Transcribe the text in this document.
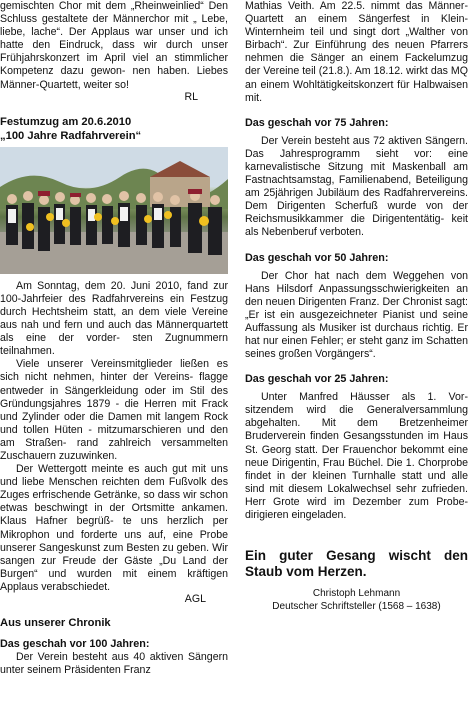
gemischten Chor mit dem „Rheinweinlied“ Den Schluss gestaltete der Männerchor mit „ Lebe, liebe, lache“. Der Applaus war unser und ich hatte den Eindruck, dass wir durch unser Frühjahrskonzert im April viel an stimmlicher Kompetenz dazu gewon- nen haben. Liebes Männer-Quartett, weiter so!

RL

Festumzug am 20.6.2010
„100 Jahre Radfahrverein“

Am Sonntag, dem 20. Juni 2010, fand zur 100-Jahrfeier des Radfahrvereins ein Festzug durch Hechtsheim statt, an dem viele Vereine aus nah und fern und auch das Männerquartett als eine der vorder- sten Zugnummern teilnahmen.

Viele unserer Vereinsmitglieder ließen es sich nicht nehmen, hinter der Vereins- flagge entweder in Sängerkleidung oder im Stil des Gründungsjahres 1879 - die Herren mit Frack und Zylinder oder die Damen mit langem Rock und tollen Hüten - mitzumarschieren und den am Straßen- rand zahlreich versammelten Zuschauern zuzuwinken.

Der Wettergott meinte es auch gut mit uns und liebe Menschen reichten dem Fußvolk des Zuges erfrischende Getränke, so dass wir schon etwas beschwingt in der Ortsmitte ankamen. Klaus Hafner begrüß- te uns herzlich per Mikrophon und forderte uns auf, eine Probe unserer Sangeskunst zum Besten zu geben. Wir sangen zur Freude der Gäste „Du Land der Burgen“ und wurden mit einem kräftigen Applaus verabschiedet.

AGL

Aus unserer Chronik
Das geschah vor 100 Jahren:

Der Verein besteht aus 40 aktiven Sängern unter seinem Präsidenten Franz

Mathias Veith. Am 22.5. nimmt das Männer-Quartett an einem Sängerfest in Klein-Winternheim teil und singt dort „Walther von Birbach“. Zur Einführung des neuen Pfarrers nehmen die Sänger an einem Fackelumzug der Vereine teil (21.8.). Am 18.12. wirkt das MQ an einem Wohltätigkeitskonzert für Halbwaisen mit.

Das geschah vor 75 Jahren:

Der Verein besteht aus 72 aktiven Sängern. Das Jahresprogramm sieht vor: eine karnevalistische Sitzung mit Maskenball am Fastnachtsamstag, Familienabend, Beteiligung am 25jährigen Jubiläum des Radfahrervereins. Dem Dirigenten Scherfuß wurde von der Reichsmusikkammer die Dirigententätig- keit als Nebenberuf verboten.

Das geschah vor 50 Jahren:

Der Chor hat nach dem Weggehen von Hans Hilsdorf Anpassungsschwierigkeiten an den neuen Dirigenten Franz. Der Chronist sagt: „Er ist ein ausgezeichneter Pianist und seine Auffassung als Musiker ist durchaus richtig. Er hat nur einen Fehler; er steht ganz im Schatten seines großen Vorgängers“.

Das geschah vor 25 Jahren:

Unter Manfred Häusser als 1. Vor- sitzendem wird die Generalversammlung abgehalten. Mit dem Bretzenheimer Bruderverein finden Gesangsstunden im Haus St. Georg statt. Der Frauenchor bekommt eine neue Dirigentin, Frau Büchel. Die 1. Chorprobe findet in der kleinen Turnhalle statt und alle sind mit diesem Lokalwechsel sehr zufrieden. Herr Grote wird im Dezember zum Probe- dirigieren eingeladen.

Ein guter Gesang wischt den Staub vom Herzen.

Christoph Lehmann

Deutscher Schriftsteller (1568 – 1638)
